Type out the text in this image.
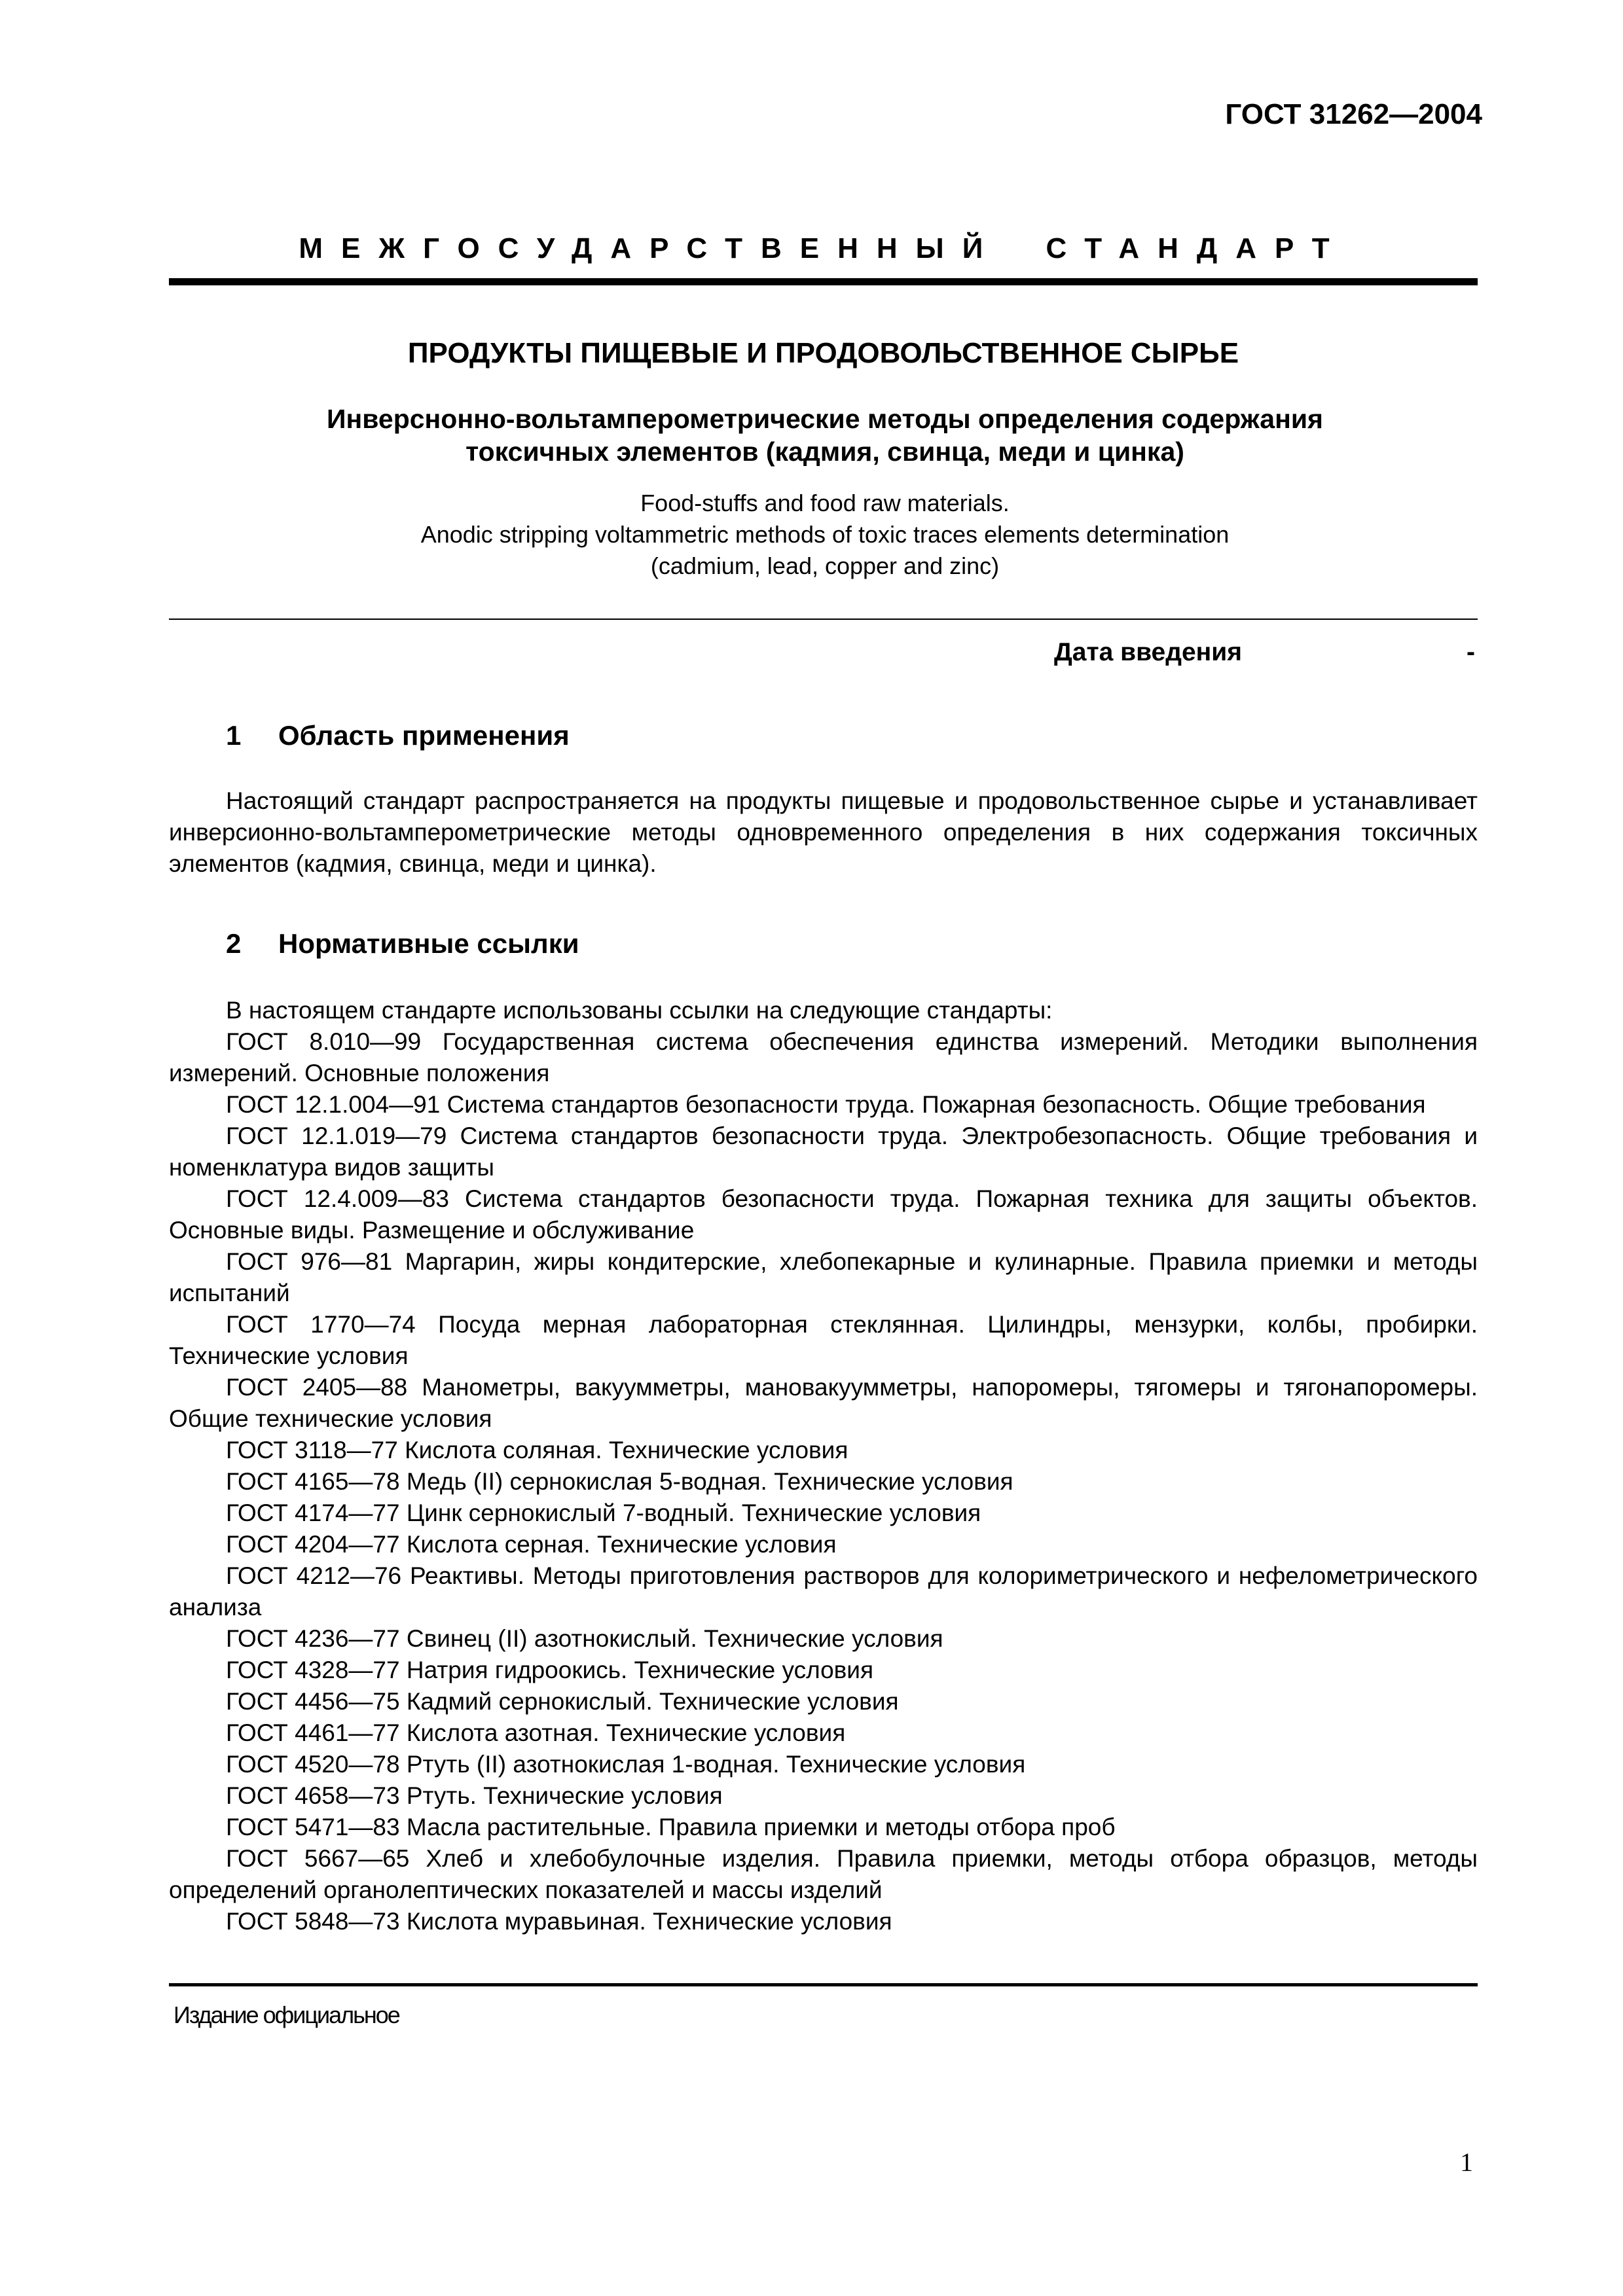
ГОСТ 31262—2004
МЕЖГОСУДАРСТВЕННЫЙ СТАНДАРТ
ПРОДУКТЫ ПИЩЕВЫЕ И ПРОДОВОЛЬСТВЕННОЕ СЫРЬЕ
Инверснонно-вольтамперометрические методы определения содержания
токсичных элементов (кадмия, свинца, меди и цинка)
Food-stuffs and food raw materials.
Anodic stripping voltammetric methods of toxic traces elements determination
(cadmium, lead, copper and zinc)
Дата введения	-
1 Область применения
Настоящий стандарт распространяется на продукты пищевые и продовольственное сырье и устанавливает инверсионно-вольтамперометрические методы одновременного определения в них содержания токсичных элементов (кадмия, свинца, меди и цинка).
2 Нормативные ссылки

В настоящем стандарте использованы ссылки на следующие стандарты:

ГОСТ 8.010—99 Государственная система обеспечения единства измерений. Методики выполнения измерений. Основные положения

ГОСТ 12.1.004—91 Система стандартов безопасности труда. Пожарная безопасность. Общие требования

ГОСТ 12.1.019—79 Система стандартов безопасности труда. Электробезопасность. Общие требования и номенклатура видов защиты

ГОСТ 12.4.009—83 Система стандартов безопасности труда. Пожарная техника для защиты объектов. Основные виды. Размещение и обслуживание

ГОСТ 976—81 Маргарин, жиры кондитерские, хлебопекарные и кулинарные. Правила приемки и методы испытаний

ГОСТ 1770—74 Посуда мерная лабораторная стеклянная. Цилиндры, мензурки, колбы, пробирки. Технические условия

ГОСТ 2405—88 Манометры, вакуумметры, мановакуумметры, напоромеры, тягомеры и тягонапоромеры. Общие технические условия

ГОСТ 3118—77 Кислота соляная. Технические условия

ГОСТ 4165—78 Медь (II) сернокислая 5-водная. Технические условия

ГОСТ 4174—77 Цинк сернокислый 7-водный. Технические условия

ГОСТ 4204—77 Кислота серная. Технические условия

ГОСТ 4212—76 Реактивы. Методы приготовления растворов для колориметрического и нефелометрического анализа

ГОСТ 4236—77 Свинец (II) азотнокислый. Технические условия

ГОСТ 4328—77 Натрия гидроокись. Технические условия

ГОСТ 4456—75 Кадмий сернокислый. Технические условия

ГОСТ 4461—77 Кислота азотная. Технические условия

ГОСТ 4520—78 Ртуть (II) азотнокислая 1-водная. Технические условия

ГОСТ 4658—73 Ртуть. Технические условия

ГОСТ 5471—83 Масла растительные. Правила приемки и методы отбора проб

ГОСТ 5667—65 Хлеб и хлебобулочные изделия. Правила приемки, методы отбора образцов, методы определений органолептических показателей и массы изделий

ГОСТ 5848—73 Кислота муравьиная. Технические условия

Издание официальное
1
